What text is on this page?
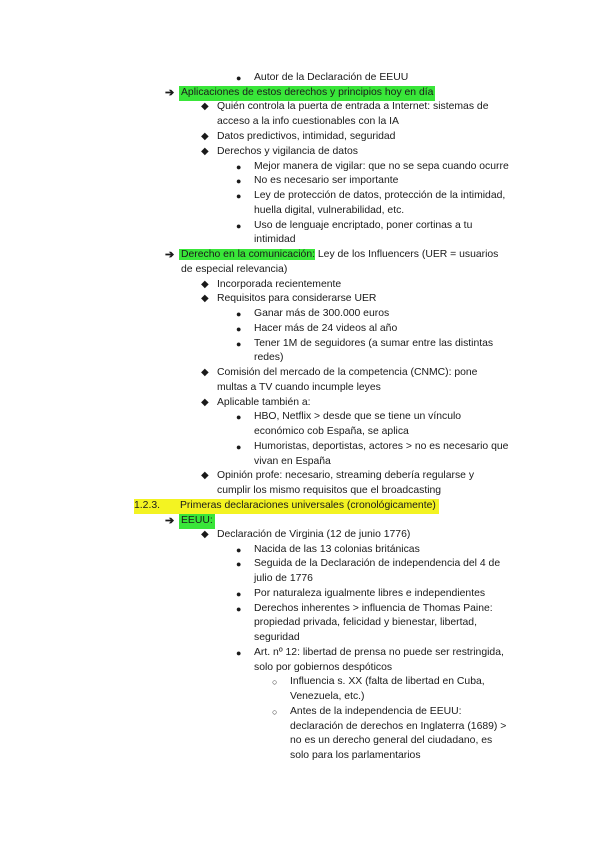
● Autor de la Declaración de EEUU
➔ Aplicaciones de estos derechos y principios hoy en día
◆ Quién controla la puerta de entrada a Internet: sistemas de
acceso a la info cuestionables con la IA
◆ Datos predictivos, intimidad, seguridad
◆ Derechos y vigilancia de datos
● Mejor manera de vigilar: que no se sepa cuando ocurre
● No es necesario ser importante
● Ley de protección de datos, protección de la intimidad,
huella digital, vulnerabilidad, etc.
● Uso de lenguaje encriptado, poner cortinas a tu
intimidad
➔ Derecho en la comunicación: Ley de los Influencers (UER = usuarios
de especial relevancia)
◆ Incorporada recientemente
◆ Requisitos para considerarse UER
● Ganar más de 300.000 euros
● Hacer más de 24 videos al año
● Tener 1M de seguidores (a sumar entre las distintas
redes)
◆ Comisión del mercado de la competencia (CNMC): pone
multas a TV cuando incumple leyes
◆ Aplicable también a:
● HBO, Netflix > desde que se tiene un vínculo
económico cob España, se aplica
● Humoristas, deportistas, actores > no es necesario que
vivan en España
◆ Opinión profe: necesario, streaming debería regularse y
cumplir los mismo requisitos que el broadcasting
1.2.3. Primeras declaraciones universales (cronológicamente)
➔ EEUU:
◆ Declaración de Virginia (12 de junio 1776)
● Nacida de las 13 colonias británicas
● Seguida de la Declaración de independencia del 4 de
julio de 1776
● Por naturaleza igualmente libres e independientes
● Derechos inherentes > influencia de Thomas Paine:
propiedad privada, felicidad y bienestar, libertad,
seguridad
● Art. nº 12: libertad de prensa no puede ser restringida,
solo por gobiernos despóticos
○ Influencia s. XX (falta de libertad en Cuba,
Venezuela, etc.)
○ Antes de la independencia de EEUU:
declaración de derechos en Inglaterra (1689) >
no es un derecho general del ciudadano, es
solo para los parlamentarios
